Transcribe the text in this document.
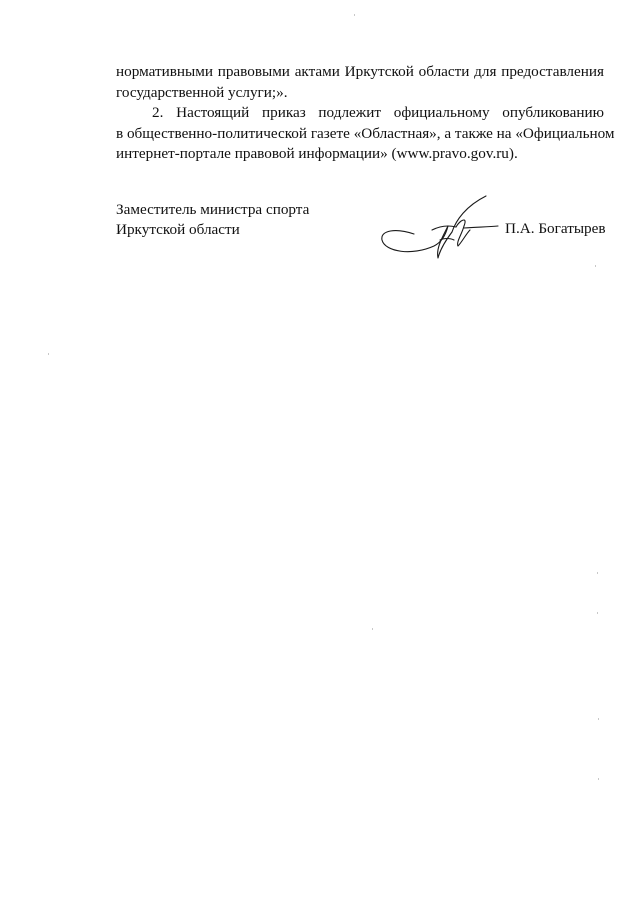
нормативными правовыми актами Иркутской области для предоставления
государственной услуги;».
2. Настоящий приказ подлежит официальному опубликованию
в общественно-политической газете «Областная», а также на «Официальном
интернет-портале правовой информации» (www.pravo.gov.ru).
Заместитель министра спорта
Иркутской области	П.А. Богатырев
